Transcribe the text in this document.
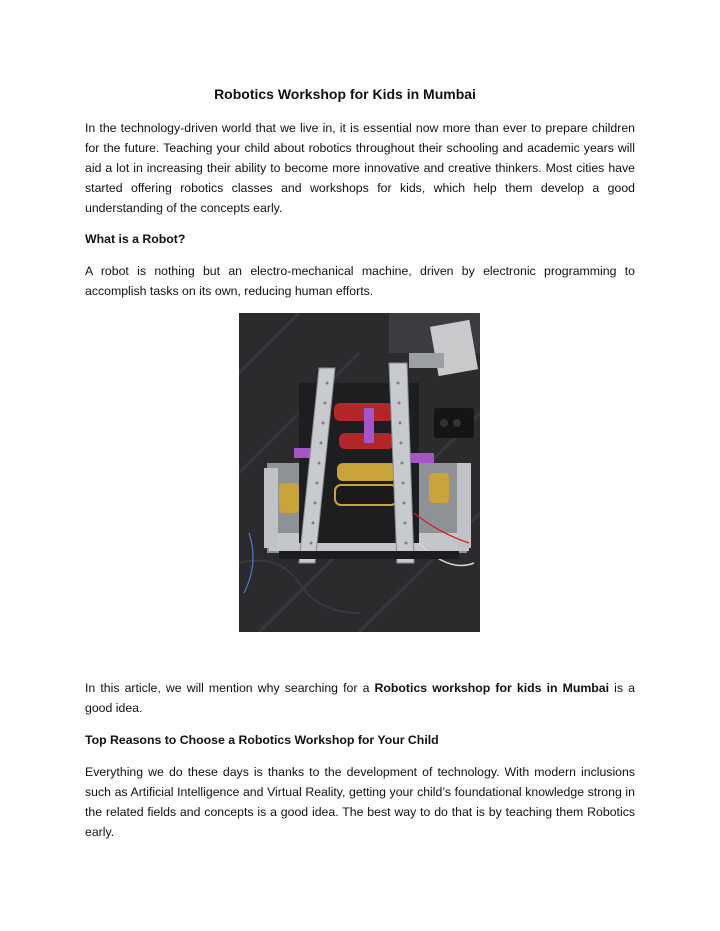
Robotics Workshop for Kids in Mumbai

In the technology-driven world that we live in, it is essential now more than ever to prepare children for the future. Teaching your child about robotics throughout their schooling and academic years will aid a lot in increasing their ability to become more innovative and creative thinkers. Most cities have started offering robotics classes and workshops for kids, which help them develop a good understanding of the concepts early.

What is a Robot?

A robot is nothing but an electro-mechanical machine, driven by electronic programming to accomplish tasks on its own, reducing human efforts.

In this article, we will mention why searching for a Robotics workshop for kids in Mumbai is a good idea.

Top Reasons to Choose a Robotics Workshop for Your Child

Everything we do these days is thanks to the development of technology. With modern inclusions such as Artificial Intelligence and Virtual Reality, getting your child’s foundational knowledge strong in the related fields and concepts is a good idea. The best way to do that is by teaching them Robotics early.
